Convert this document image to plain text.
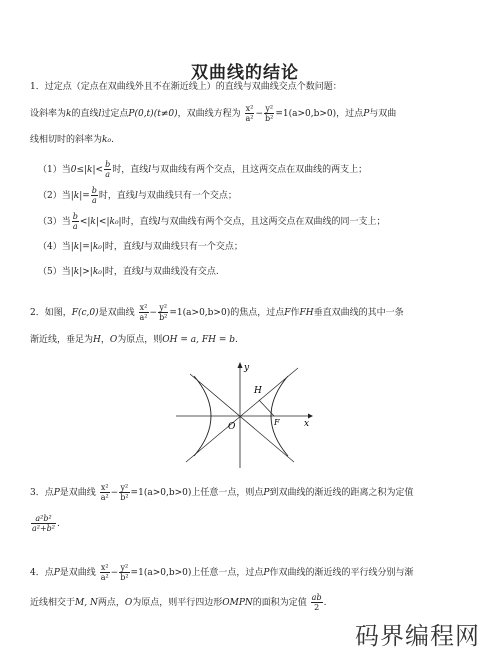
双曲线的结论
1．过定点（定点在双曲线外且不在渐近线上）的直线与双曲线交点个数问题：
设斜率为k的直线l过定点P(0,t)(t≠0)，双曲线方程为 $\frac{\text{x²}}{\text{a²}} - \frac{\text{y²}}{\text{b²}} =1(a>0,b>0)$，过点P与双曲
线相切时的斜率为k₀.
（1）当$0\le|k|< \frac{b}{a}$ 时，直线l与双曲线有两个交点，且这两交点在双曲线的两支上；
（2）当$|k|= \frac{b}{a}$ 时，直线l与双曲线只有一个交点；
（3）当 $\frac{b}{a} <|k|<|k_0|$时，直线l与双曲线有两个交点，且这两交点在双曲线的同一支上；
（4）当|k|=|k₀|时，直线l与双曲线只有一个交点；
（5）当|k|>|k₀|时，直线l与双曲线没有交点.
2．如图，F(c,0)是双曲线 $\frac{\text{x²}}{\text{a²}} - \frac{\text{y²}}{\text{b²}} =1(a>0,b>0)$的焦点，过点F作FH垂直双曲线的其中一条
渐近线，垂足为H，O为原点，则OH = a, FH = b.
y
x
H
F
O
3．点P是双曲线 $\frac{\text{x²}}{\text{a²}} - \frac{\text{y²}}{\text{b²}} =1(a>0,b>0)$上任意一点，则点P到双曲线的渐近线的距离之积为定值
$\frac{\text{a²b²}}{\text{a²+b²}}$ .
4．点P是双曲线 $\frac{\text{x²}}{\text{a²}} - \frac{\text{y²}}{\text{b²}} =1(a>0,b>0)$上任意一点，过点P作双曲线的渐近线的平行线分别与渐
近线相交于M, N两点，O为原点，则平行四边形OMPN的面积为定值 $\frac{ab}{2}$ .
码界编程网
